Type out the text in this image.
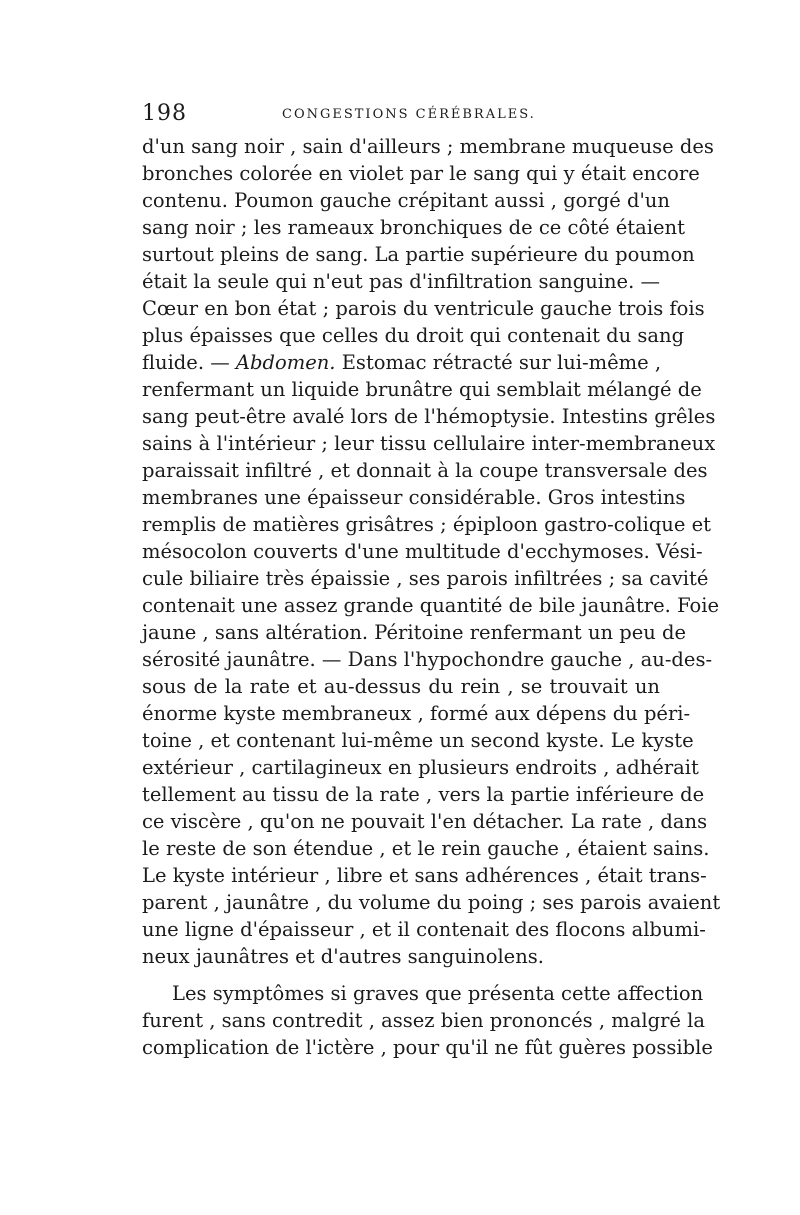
198	CONGESTIONS CÉRÉBRALES.
d'un sang noir , sain d'ailleurs ; membrane muqueuse des
bronches colorée en violet par le sang qui y était encore
contenu. Poumon gauche crépitant aussi , gorgé d'un
sang noir ; les rameaux bronchiques de ce côté étaient
surtout pleins de sang. La partie supérieure du poumon
était la seule qui n'eut pas d'infiltration sanguine. —
Cœur en bon état ; parois du ventricule gauche trois fois
plus épaisses que celles du droit qui contenait du sang
fluide. — Abdomen. Estomac rétracté sur lui-même ,
renfermant un liquide brunâtre qui semblait mélangé de
sang peut-être avalé lors de l'hémoptysie. Intestins grêles
sains à l'intérieur ; leur tissu cellulaire inter-membraneux
paraissait infiltré , et donnait à la coupe transversale des
membranes une épaisseur considérable. Gros intestins
remplis de matières grisâtres ; épiploon gastro-colique et
mésocolon couverts d'une multitude d'ecchymoses. Vési-
cule biliaire très épaissie , ses parois infiltrées ; sa cavité
contenait une assez grande quantité de bile jaunâtre. Foie
jaune , sans altération. Péritoine renfermant un peu de
sérosité jaunâtre. — Dans l'hypochondre gauche , au-des-
sous de la rate et au-dessus du rein , se trouvait un
énorme kyste membraneux , formé aux dépens du péri-
toine , et contenant lui-même un second kyste. Le kyste
extérieur , cartilagineux en plusieurs endroits , adhérait
tellement au tissu de la rate , vers la partie inférieure de
ce viscère , qu'on ne pouvait l'en détacher. La rate , dans
le reste de son étendue , et le rein gauche , étaient sains.
Le kyste intérieur , libre et sans adhérences , était trans-
parent , jaunâtre , du volume du poing ; ses parois avaient
une ligne d'épaisseur , et il contenait des flocons albumi-
neux jaunâtres et d'autres sanguinolens.
Les symptômes si graves que présenta cette affection
furent , sans contredit , assez bien prononcés , malgré la
complication de l'ictère , pour qu'il ne fût guères possible
